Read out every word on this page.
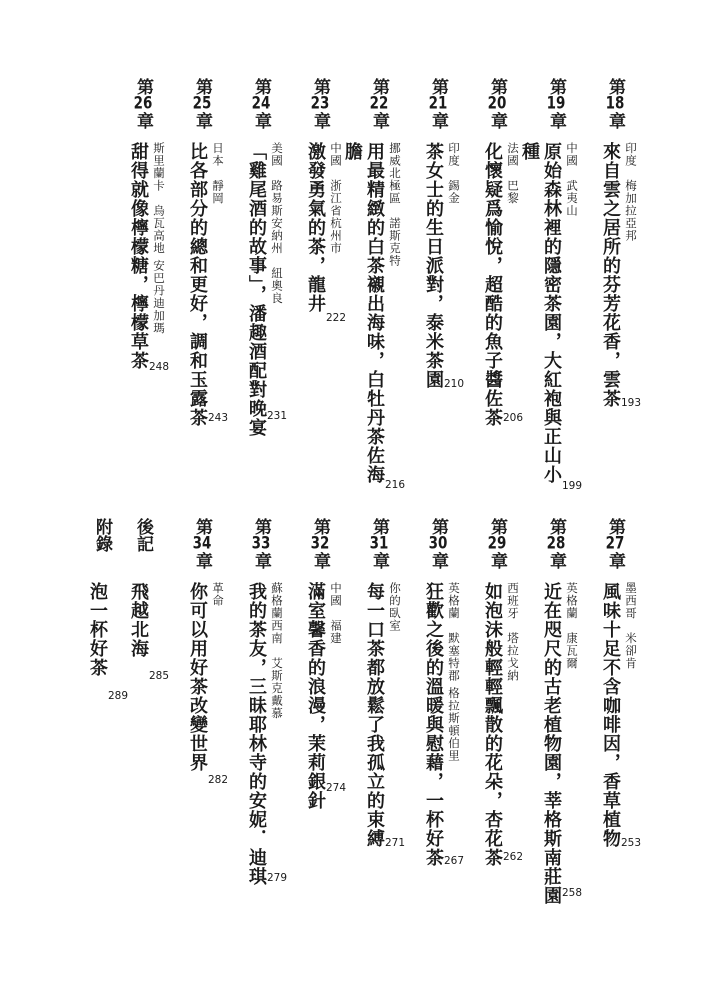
第18章
來自雲之居所的芬芳花香，雲茶 印度　梅加拉亞邦
193
第19章
原始森林裡的隱密茶園，大紅袍與正山小種	中國　武夷山
199
第20章
化懷疑爲愉悅，超酷的魚子醬佐茶 法國　巴黎
206
第21章
茶女士的生日派對，泰米茶園 印度　錫金
210
第22章
用最精緻的白茶襯出海味，白牡丹茶佐海膽	挪威北極區　諾斯克特
216
第23章
激發勇氣的茶，龍井 中國　浙江省杭州市
222
第24章
「雞尾酒的故事」，潘趣酒配對晚宴 美國　路易斯安納州　紐奧良
231
第25章
比各部分的總和更好，調和玉露茶 日本　靜岡
243
第26章
甜得就像檸檬糖，檸檬草茶 斯里蘭卡　烏瓦高地 安巴丹迪加瑪
248
第27章
風味十足不含咖啡因，香草植物 墨西哥　米卻肯
253
第28章
近在咫尺的古老植物園，莘格斯南莊園 英格蘭　康瓦爾
258
第29章
如泡沫般輕輕飄散的花朵，杏花茶 西班牙　塔拉戈納
262
第30章
狂歡之後的溫暖與慰藉，一杯好茶 英格蘭　默塞特郡 格拉斯頓伯里
267
第31章
每一口茶都放鬆了我孤立的束縛 你的臥室
271
第32章
滿室馨香的浪漫，茉莉銀針 中國　福建
274
第33章
我的茶友，三昧耶林寺的安妮．迪琪 蘇格蘭西南　艾斯克戴慕
279
第34章
你可以用好茶改變世界 革命
282
後記
飛越北海
285
附錄
泡一杯好茶
289
